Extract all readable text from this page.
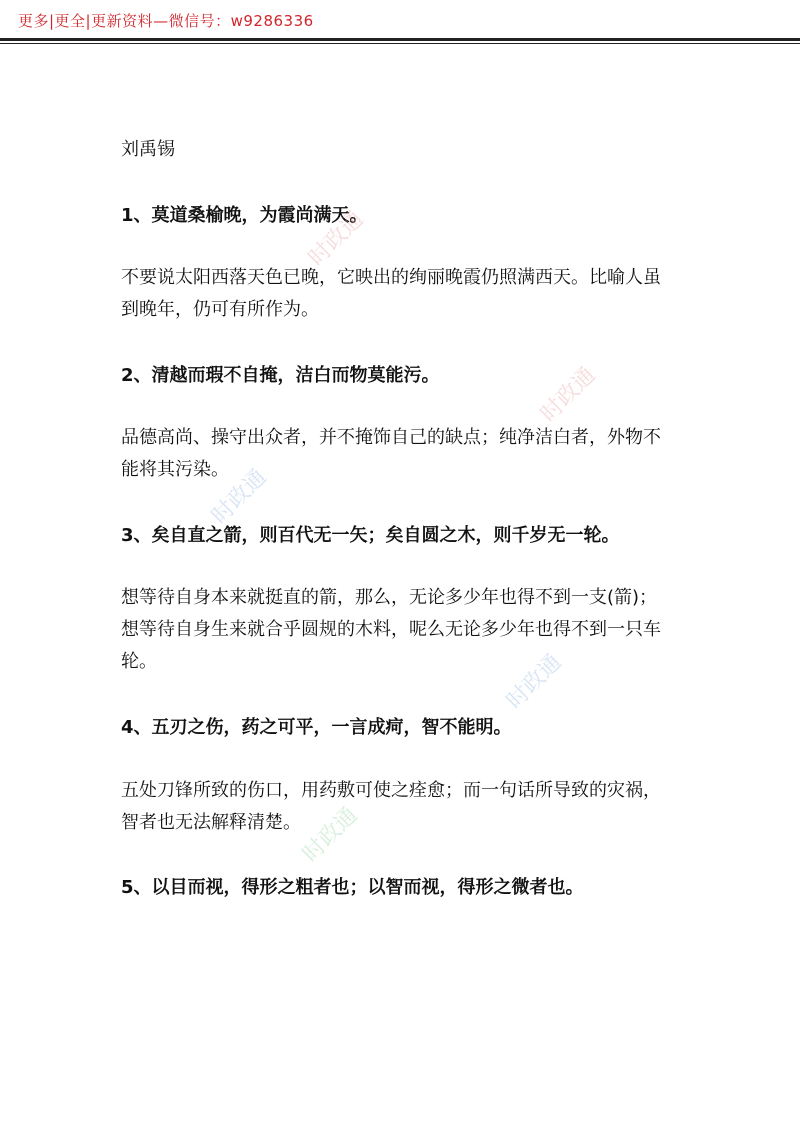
更多|更全|更新资料—微信号：w9286336
刘禹锡
1、莫道桑榆晚，为霞尚满天。
不要说太阳西落天色已晚，它映出的绚丽晚霞仍照满西天。比喻人虽到晚年，仍可有所作为。
2、清越而瑕不自掩，洁白而物莫能污。
品德高尚、操守出众者，并不掩饰自己的缺点；纯净洁白者，外物不能将其污染。
3、矣自直之箭，则百代无一矢；矣自圆之木，则千岁无一轮。
想等待自身本来就挺直的箭，那么，无论多少年也得不到一支(箭)；想等待自身生来就合乎圆规的木料，呢么无论多少年也得不到一只车轮。
4、五刃之伤，药之可平，一言成疴，智不能明。
五处刀锋所致的伤口，用药敷可使之痊愈；而一句话所导致的灾祸，智者也无法解释清楚。
5、以目而视，得形之粗者也；以智而视，得形之微者也。
时政通
时政通
时政通
时政通
时政通
